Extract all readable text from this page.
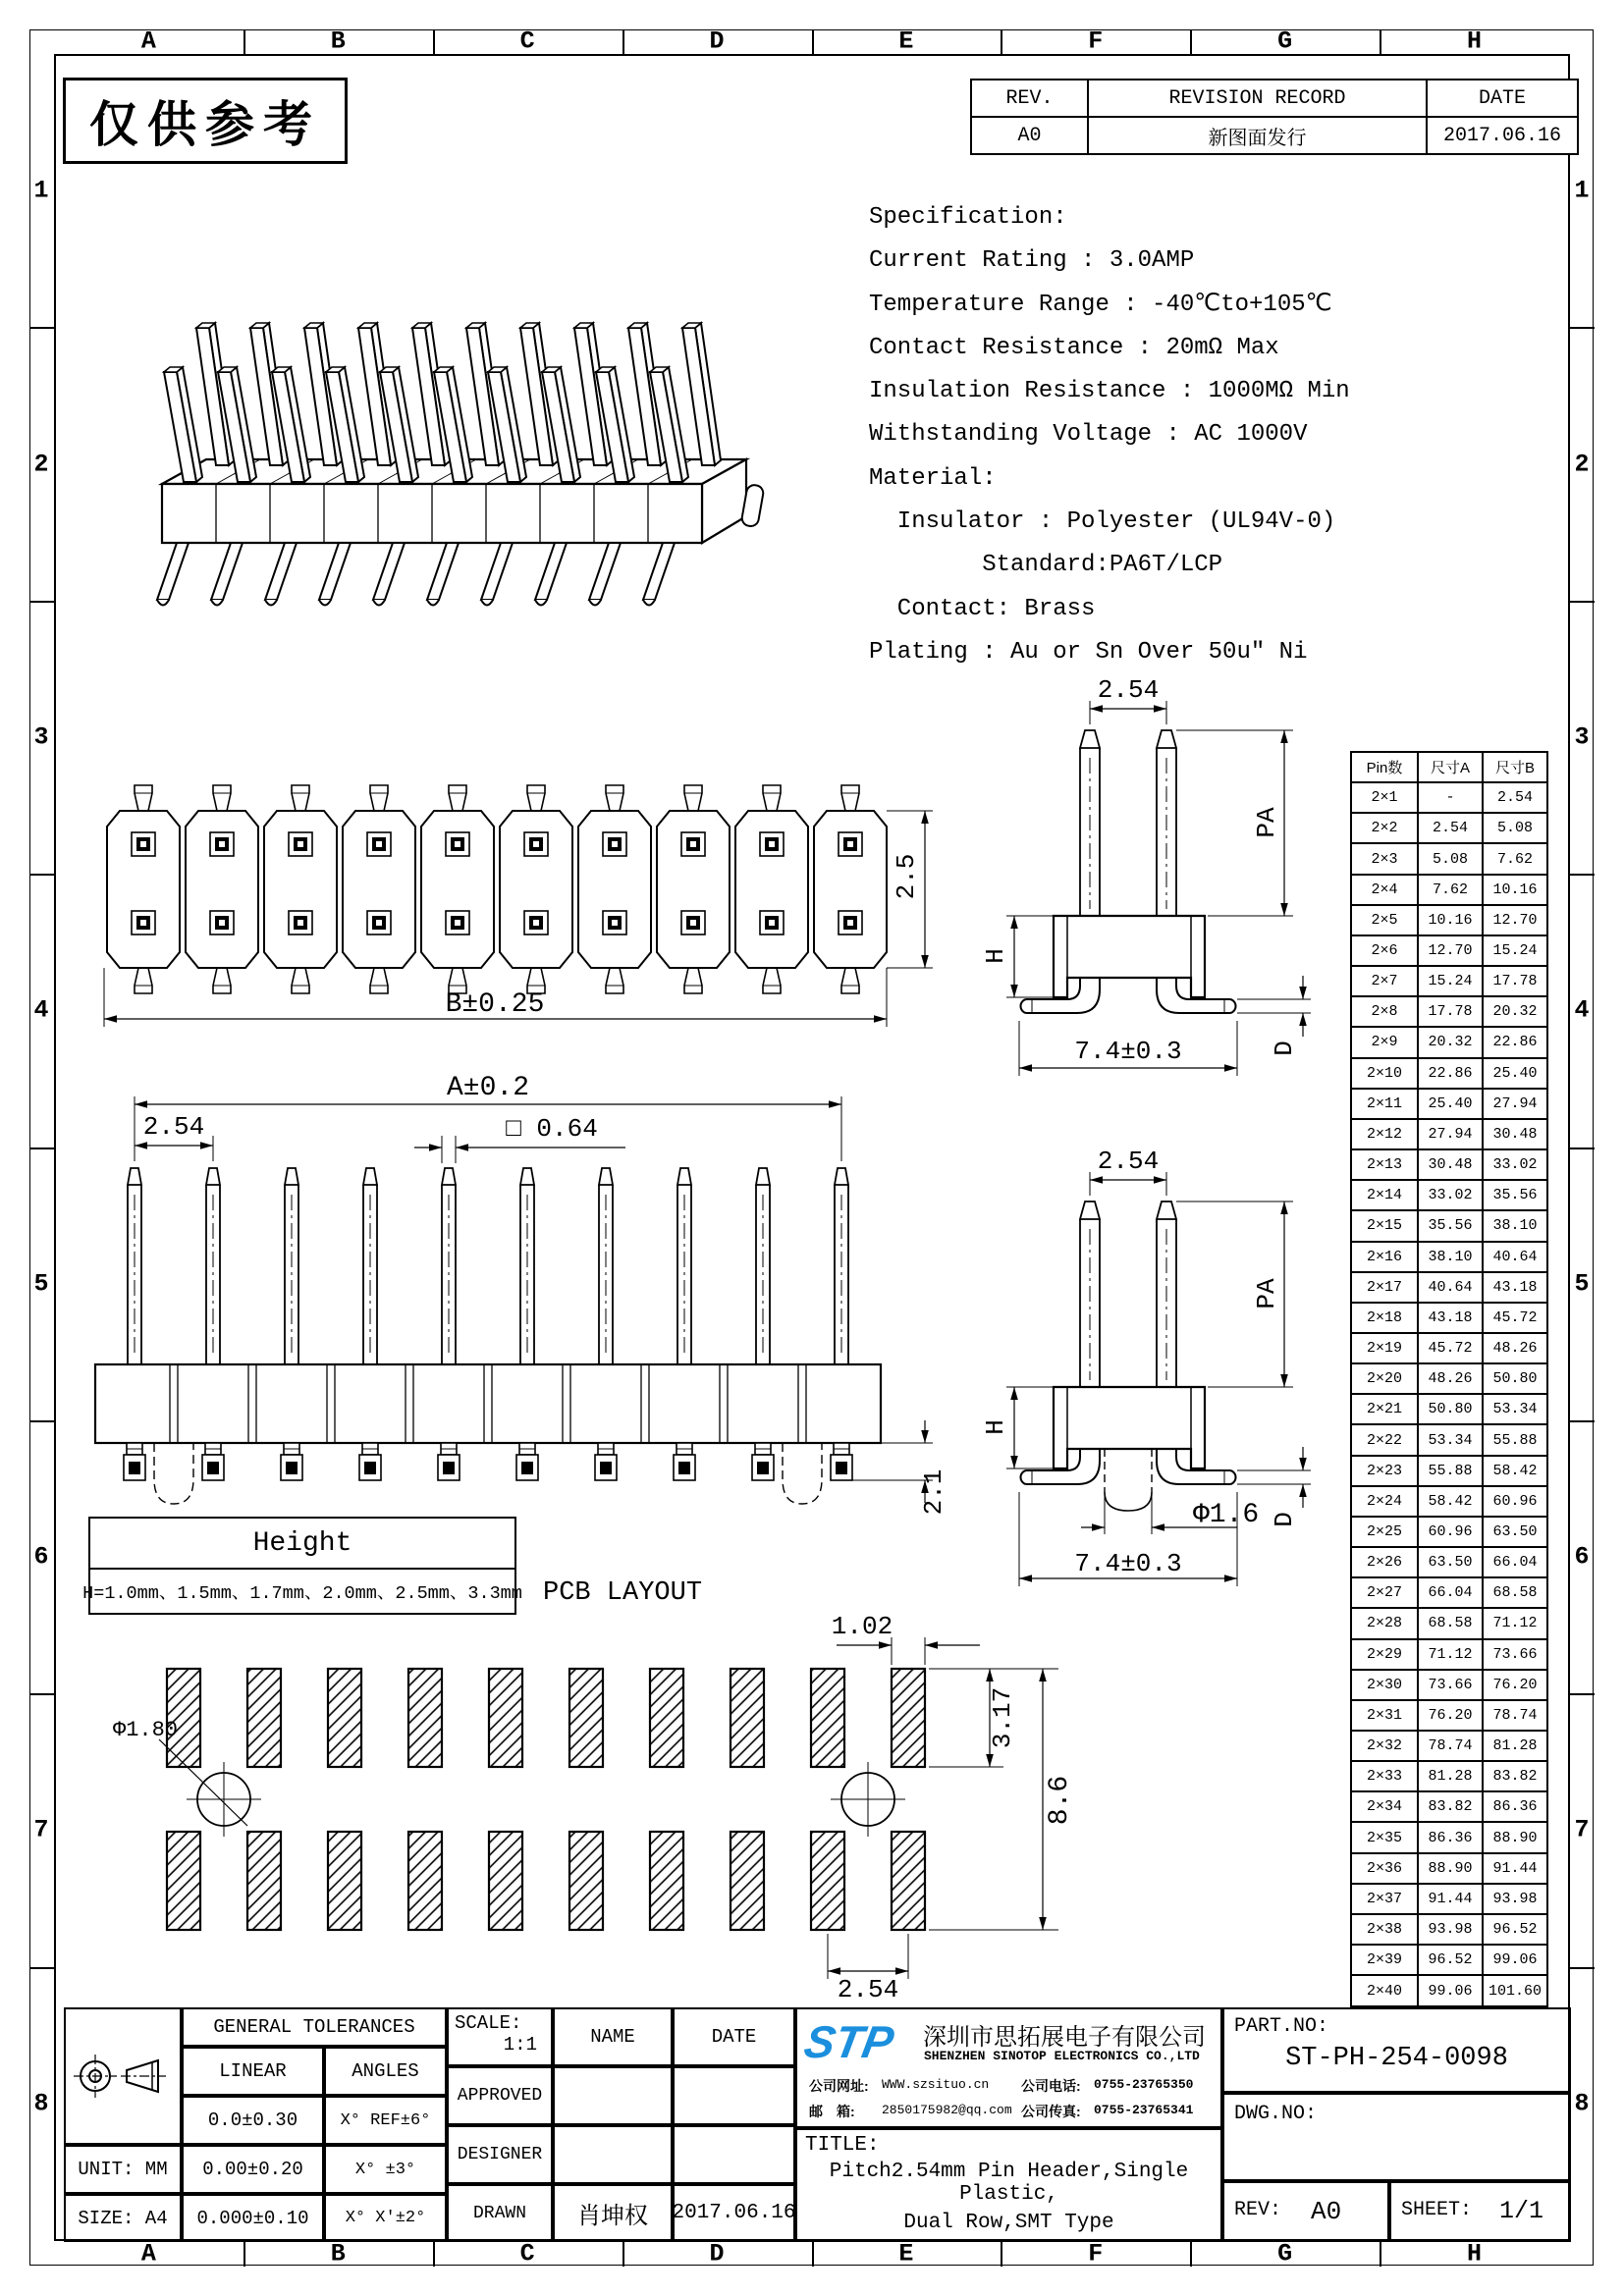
仅供参考	REV.	REVISION RECORD	DATE
A0	新图面发行	2017.06.16
Specification:
Current Rating : 3.0AMP
Temperature Range : -40℃to+105℃
Contact Resistance : 20mΩ Max
Insulation Resistance : 1000MΩ Min
Withstanding Voltage : AC 1000V
Material:
Insulator : Polyester (UL94V-0)
Standard:PA6T/LCP
Contact: Brass
Plating : Au or Sn Over 50u″ Ni
2.5
B±0.25
A±0.2
2.54	□ 0.64
2.1
2.54
PA
H
D
7.4±0.3
2.54
PA
H
D
Φ1.6
7.4±0.3
Height
H=1.0mm、1.5mm、1.7mm、2.0mm、2.5mm、3.3mm PCB LAYOUT
1.02
3.17
8.6
2.54
Φ1.80
Pin数	尺寸A	尺寸B
2×1	-	2.54
2×2	2.54	5.08
2×3	5.08	7.62
2×4	7.62	10.16
2×5	10.16	12.70
2×6	12.70	15.24
2×7	15.24	17.78
2×8	17.78	20.32
2×9	20.32	22.86
2×10	22.86	25.40
2×11	25.40	27.94
2×12	27.94	30.48
2×13	30.48	33.02
2×14	33.02	35.56
2×15	35.56	38.10
2×16	38.10	40.64
2×17	40.64	43.18
2×18	43.18	45.72
2×19	45.72	48.26
2×20	48.26	50.80
2×21	50.80	53.34
2×22	53.34	55.88
2×23	55.88	58.42
2×24	58.42	60.96
2×25	60.96	63.50
2×26	63.50	66.04
2×27	66.04	68.58
2×28	68.58	71.12
2×29	71.12	73.66
2×30	73.66	76.20
2×31	76.20	78.74
2×32	78.74	81.28
2×33	81.28	83.82
2×34	83.82	86.36
2×35	86.36	88.90
2×36	88.90	91.44
2×37	91.44	93.98
2×38	93.98	96.52
2×39	96.52	99.06
2×40	99.06	101.60
UNIT: MM
SIZE: A4
GENERAL TOLERANCES
LINEAR	ANGLES
0.0±0.30	X° REF±6°
0.00±0.20	X° ±3°
0.000±0.10	X° X'±2°
SCALE:
1:1
APPROVED
DESIGNER
DRAWN
NAME	DATE
肖坤权	2017.06.16
STP 深圳市思拓展电子有限公司
SHENZHEN SINOTOP ELECTRONICS CO.,LTD
公司网址: WWW.szsituo.cn
邮　箱: 2850175982@qq.com
公司电话: 0755-23765350
公司传真: 0755-23765341
TITLE:
Pitch2.54mm Pin Header,Single Plastic,
Dual Row,SMT Type
PART.NO:
ST-PH-254-0098
DWG.NO:
REV: A0	SHEET: 1/1
A
A
B
B
C
C
D
D
E
E
F
F
G
G
H
H
1	1
2	2
3	3
4	4
5	5
6	6
7	7
8	8
